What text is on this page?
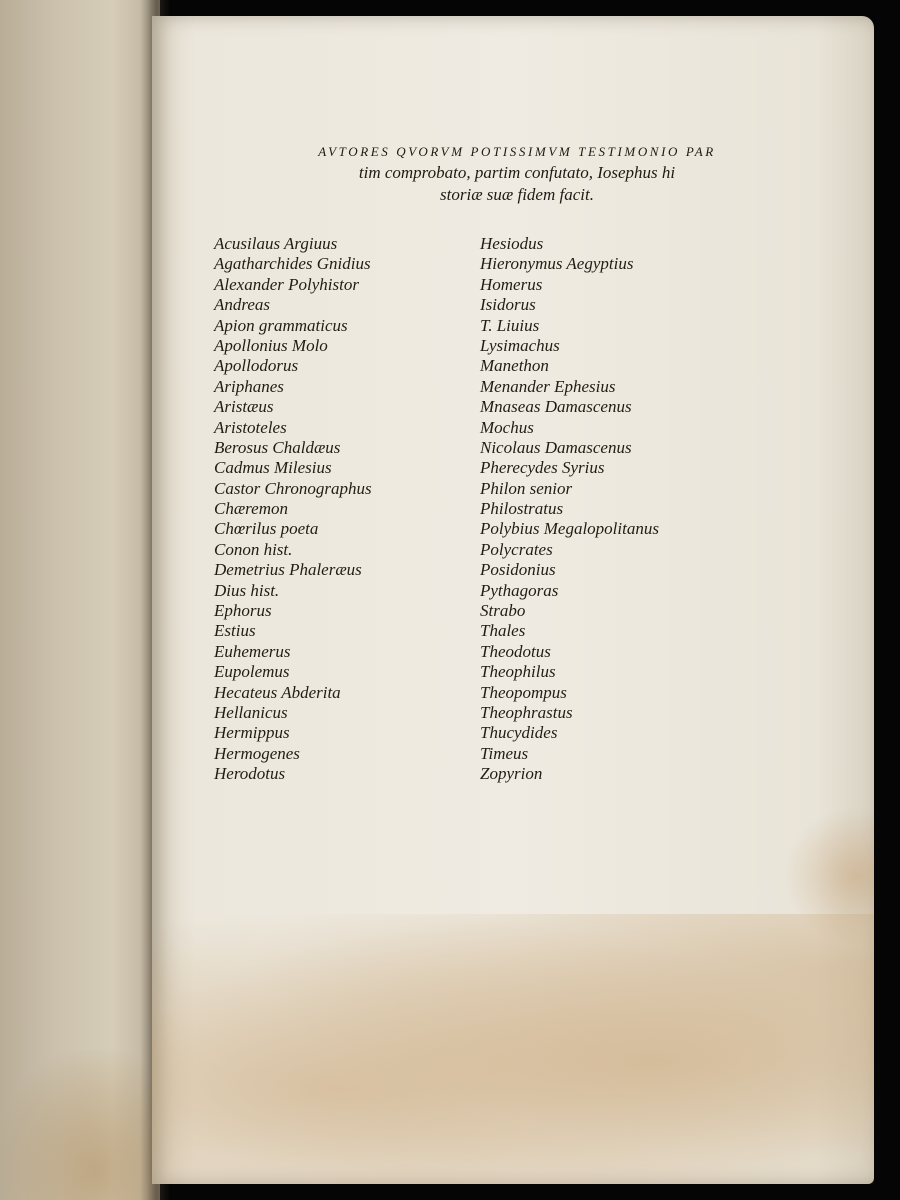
AVTORES QVORVM POTISSIMVM TESTIMONIO PAR
tim comprobato, partim confutato, Iosephus hi
storiæ suæ fidem facit.
Acusilaus Argiuus
Agatharchides Gnidius
Alexander Polyhistor
Andreas
Apion grammaticus
Apollonius Molo
Apollodorus
Ariphanes
Aristæus
Aristoteles
Berosus Chaldæus
Cadmus Milesius
Castor Chronographus
Chæremon
Chœrilus poeta
Conon hist.
Demetrius Phaleræus
Dius hist.
Ephorus
Estius
Euhemerus
Eupolemus
Hecateus Abderita
Hellanicus
Hermippus
Hermogenes
Herodotus
Hesiodus
Hieronymus Aegyptius
Homerus
Isidorus
T. Liuius
Lysimachus
Manethon
Menander Ephesius
Mnaseas Damascenus
Mochus
Nicolaus Damascenus
Pherecydes Syrius
Philon senior
Philostratus
Polybius Megalopolitanus
Polycrates
Posidonius
Pythagoras
Strabo
Thales
Theodotus
Theophilus
Theopompus
Theophrastus
Thucydides
Timeus
Zopyrion
